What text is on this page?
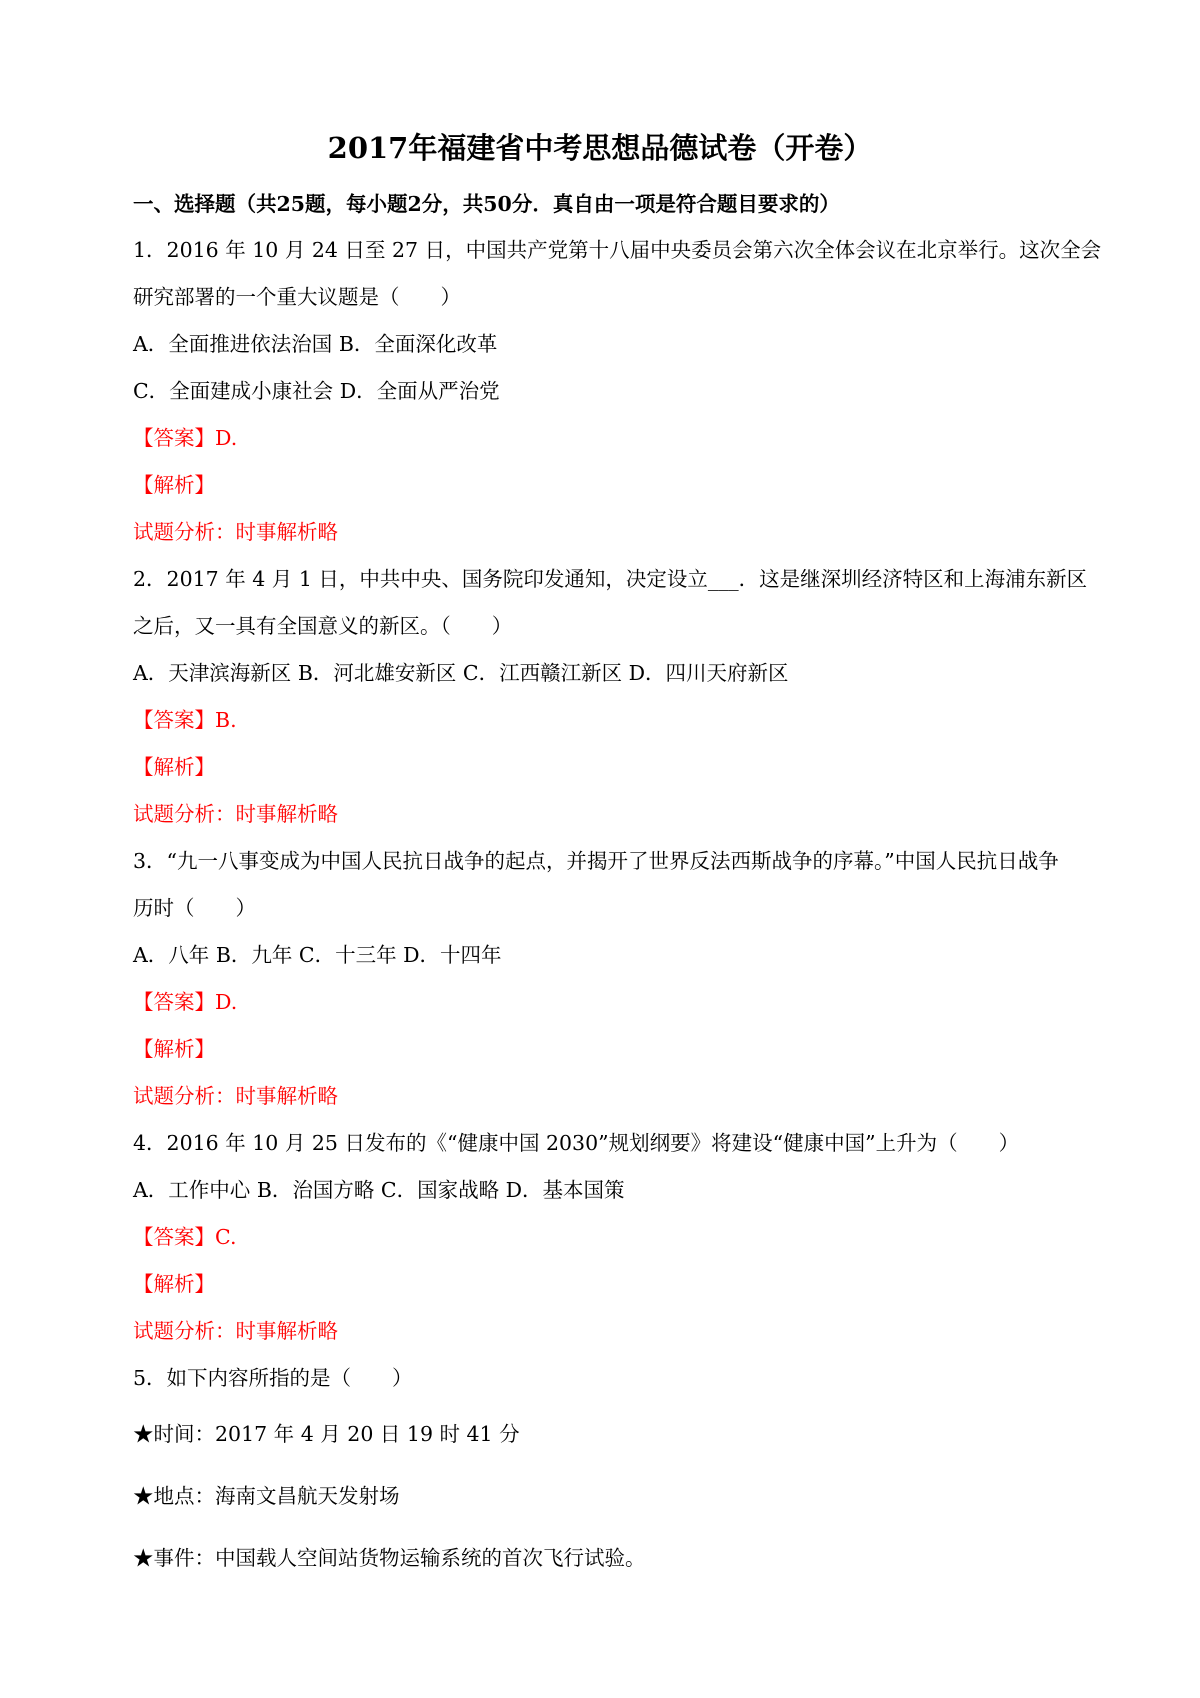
2017年福建省中考思想品德试卷（开卷）

一、选择题（共25题，每小题2分，共50分．真自由一项是符合题目要求的）

1．2016 年 10 月 24 日至 27 日，中国共产党第十八届中央委员会第六次全体会议在北京举行。这次全会

研究部署的一个重大议题是（　　）

A．全面推进依法治国 B．全面深化改革

C．全面建成小康社会 D．全面从严治党

【答案】D.

【解析】

试题分析：时事解析略

2．2017 年 4 月 1 日，中共中央、国务院印发通知，决定设立___．这是继深圳经济特区和上海浦东新区

之后，又一具有全国意义的新区。（　　）

A．天津滨海新区 B．河北雄安新区 C．江西赣江新区 D．四川天府新区

【答案】B.

【解析】

试题分析：时事解析略

3．“九一八事变成为中国人民抗日战争的起点，并揭开了世界反法西斯战争的序幕。”中国人民抗日战争

历时（　　）

A．八年 B．九年 C．十三年 D．十四年

【答案】D.

【解析】

试题分析：时事解析略

4．2016 年 10 月 25 日发布的《“健康中国 2030”规划纲要》将建设“健康中国”上升为（　　）

A．工作中心 B．治国方略 C．国家战略 D．基本国策

【答案】C.

【解析】

试题分析：时事解析略

5．如下内容所指的是（　　）

★时间：2017 年 4 月 20 日 19 时 41 分

★地点：海南文昌航天发射场

★事件：中国载人空间站货物运输系统的首次飞行试验。
